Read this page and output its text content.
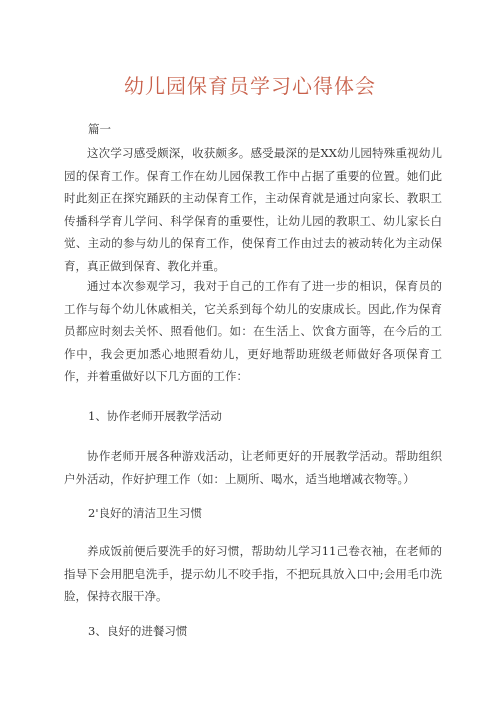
幼儿园保育员学习心得体会
篇一
这次学习感受颇深，收获颇多。感受最深的是XX幼儿园特殊重视幼儿园的保育工作。保育工作在幼儿园保教工作中占据了重要的位置。她们此时此刻正在探究踊跃的主动保育工作，主动保育就是通过向家长、教职工传播科学育儿学问、科学保育的重要性，让幼儿园的教职工、幼儿家长白觉、主动的参与幼儿的保育工作，使保育工作由过去的被动转化为主动保育，真正做到保育、教化并重。
通过本次参观学习，我对于自己的工作有了进一步的相识，保育员的工作与每个幼儿休戚相关，它关系到每个幼儿的安康成长。因此,作为保育员都应时刻去关怀、照看他们。如：在生活上、饮食方面等，在今后的工作中，我会更加悉心地照看幼儿，更好地帮助班级老师做好各项保育工作，并着重做好以下几方面的工作：
1、协作老师开展教学活动
协作老师开展各种游戏活动，让老师更好的开展教学活动。帮助组织户外活动，作好护理工作（如：上厕所、喝水，适当地增减衣物等。）
2'良好的清洁卫生习惯
养成饭前便后要洗手的好习惯，帮助幼儿学习11己卷衣袖，在老师的指导下会用肥皂洗手，提示幼儿不咬手指，不把玩具放入口中;会用毛巾洗脸，保持衣服干净。
3、良好的进餐习惯
